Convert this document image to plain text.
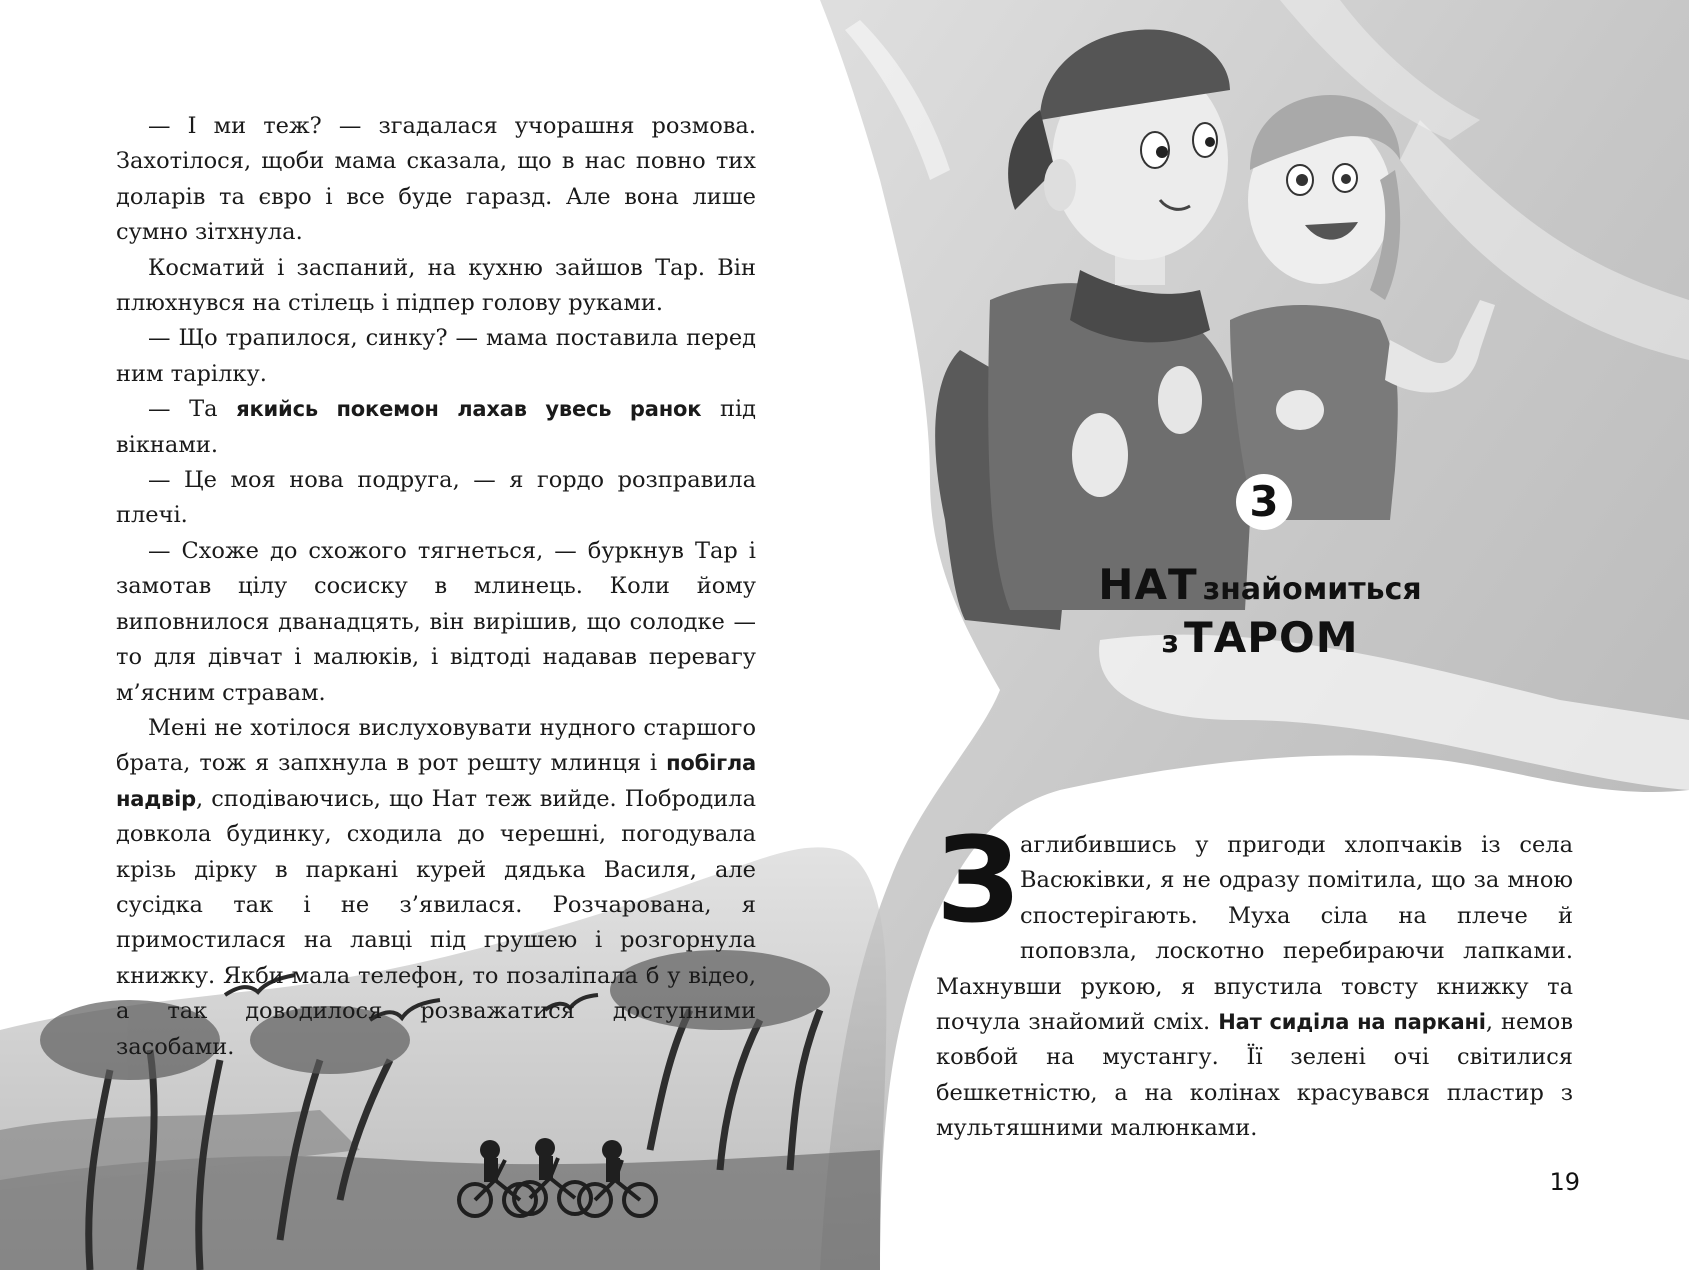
— І ми теж? — згадалася учорашня розмова. Захотілося, щоби мама сказала, що в нас повно тих доларів та євро і все буде гаразд. Але вона лише сумно зітхнула.

Косматий і заспаний, на кухню зайшов Тар. Він плюхнувся на стілець і підпер голову руками.

— Що трапилося, синку? — мама поставила перед ним тарілку.

— Та якийсь покемон лахав увесь ранок під вікнами.

— Це моя нова подруга, — я гордо розправила плечі.

— Схоже до схожого тягнеться, — буркнув Тар і замотав цілу сосиску в млинець. Коли йому виповнилося дванадцять, він вирішив, що солодке — то для дівчат і малюків, і відтоді надавав перевагу м’ясним стравам.

Мені не хотілося вислуховувати нудного старшого брата, тож я запхнула в рот решту млинця і побігла надвір, сподіваючись, що Нат теж вийде. Побродила довкола будинку, сходила до черешні, погодувала крізь дірку в паркані курей дядька Василя, але сусідка так і не з’явилася. Розчарована, я примостилася на лавці під грушею і розгорнула книжку. Якби мала телефон, то позаліпала б у відео, а так доводилося розважатися доступними засобами.

3
НАТ знайомиться
з ТАРОМ
З аглибившись у пригоди хлопчаків із села Васюківки, я не одразу помітила, що за мною спостерігають. Муха сіла на плече й поповзла, лоскотно перебираючи лапками. Махнувши рукою, я впустила товсту книжку та почула знайомий сміх. Нат сиділа на паркані, немов ковбой на мустангу. Її зелені очі світилися бешкетністю, а на колінах красувався пластир з мультяшними малюнками.

19
